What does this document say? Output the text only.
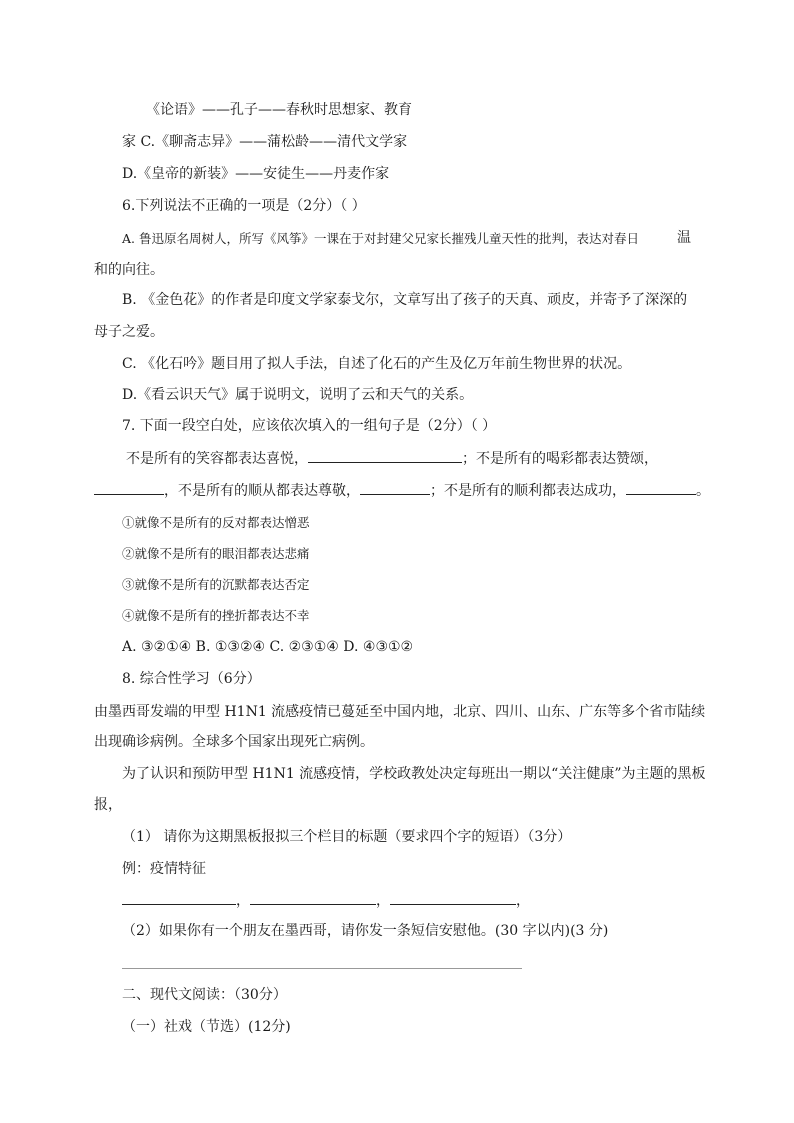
《论语》——孔子——春秋时思想家、教育
家 C.《聊斋志异》——蒲松龄——清代文学家
D.《皇帝的新装》——安徒生——丹麦作家
6.下列说法不正确的一项是（2分）（ ）
A. 鲁迅原名周树人，所写《风筝》一课在于对封建父兄家长摧残儿童天性的批判，表达对春日	温
和的向往。
B. 《金色花》的作者是印度文学家泰戈尔，文章写出了孩子的天真、顽皮，并寄予了深深的
母子之爱。
C. 《化石吟》题目用了拟人手法，自述了化石的产生及亿万年前生物世界的状况。
D.《看云识天气》属于说明文，说明了云和天气的关系。
7. 下面一段空白处，应该依次填入的一组句子是（2分）（ ）
不是所有的笑容都表达喜悦，	；不是所有的喝彩都表达赞颂，
，不是所有的顺从都表达尊敬，	；不是所有的顺利都表达成功，	。
①就像不是所有的反对都表达憎恶
②就像不是所有的眼泪都表达悲痛
③就像不是所有的沉默都表达否定
④就像不是所有的挫折都表达不幸
A. ③②①④ B. ①③②④ C. ②③①④ D. ④③①②
8. 综合性学习（6分）
由墨西哥发端的甲型 H1N1 流感疫情已蔓延至中国内地，北京、四川、山东、广东等多个省市陆续
出现确诊病例。全球多个国家出现死亡病例。
为了认识和预防甲型 H1N1 流感疫情，学校政教处决定每班出一期以“关注健康”为主题的黑板
报，
（1） 请你为这期黑板报拟三个栏目的标题（要求四个字的短语）（3分）
例：疫情特征
，	，	，
（2）如果你有一个朋友在墨西哥，请你发一条短信安慰他。(30 字以内)(3 分)
二、现代文阅读：（30分）
（一）社戏（节选）(12分)
